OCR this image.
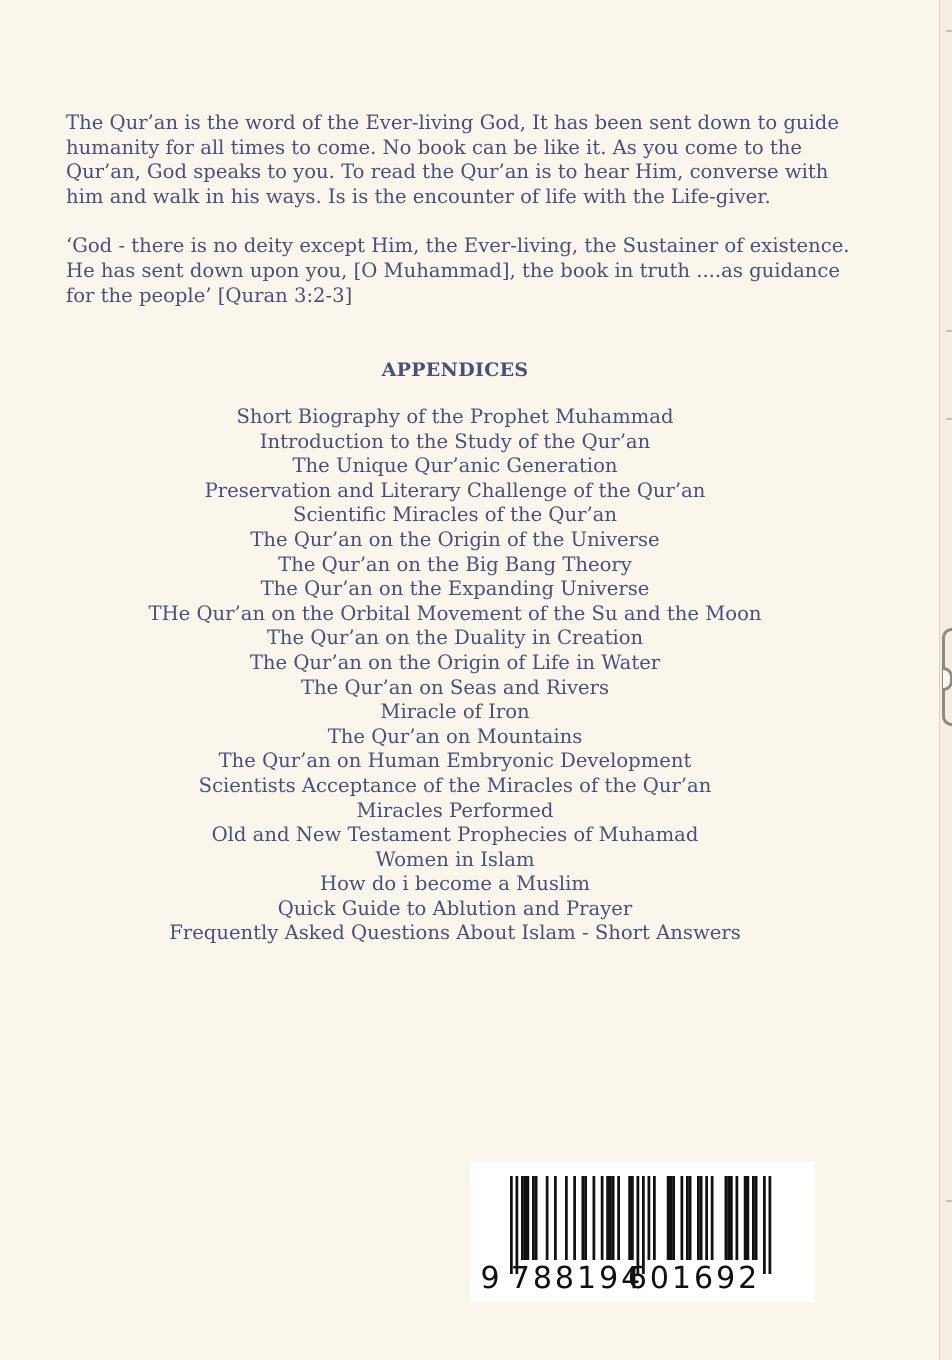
The Qur’an is the word of the Ever-living God, It has been sent down to guide humanity for all times to come. No book can be like it. As you come to the Qur’an, God speaks to you. To read the Qur’an is to hear Him, converse with him and walk in his ways. Is is the encounter of life with the Life-giver.

‘God - there is no deity except Him, the Ever-living, the Sustainer of existence. He has sent down upon you, [O Muhammad], the book in truth ....as guidance for the people’ [Quran 3:2-3]

APPENDICES
Short Biography of the Prophet Muhammad
Introduction to the Study of the Qur’an
The Unique Qur’anic Generation
Preservation and Literary Challenge of the Qur’an
Scientific Miracles of the Qur’an
The Qur’an on the Origin of the Universe
The Qur’an on the Big Bang Theory
The Qur’an on the Expanding Universe
THe Qur’an on the Orbital Movement of the Su and the Moon
The Qur’an on the Duality in Creation
The Qur’an on the Origin of Life in Water
The Qur’an on Seas and Rivers
Miracle of Iron
The Qur’an on Mountains
The Qur’an on Human Embryonic Development
Scientists Acceptance of the Miracles of the Qur’an
Miracles Performed
Old and New Testament Prophecies of Muhamad
Women in Islam
How do i become a Muslim
Quick Guide to Ablution and Prayer
Frequently Asked Questions About Islam - Short Answers
9 788194
601692
